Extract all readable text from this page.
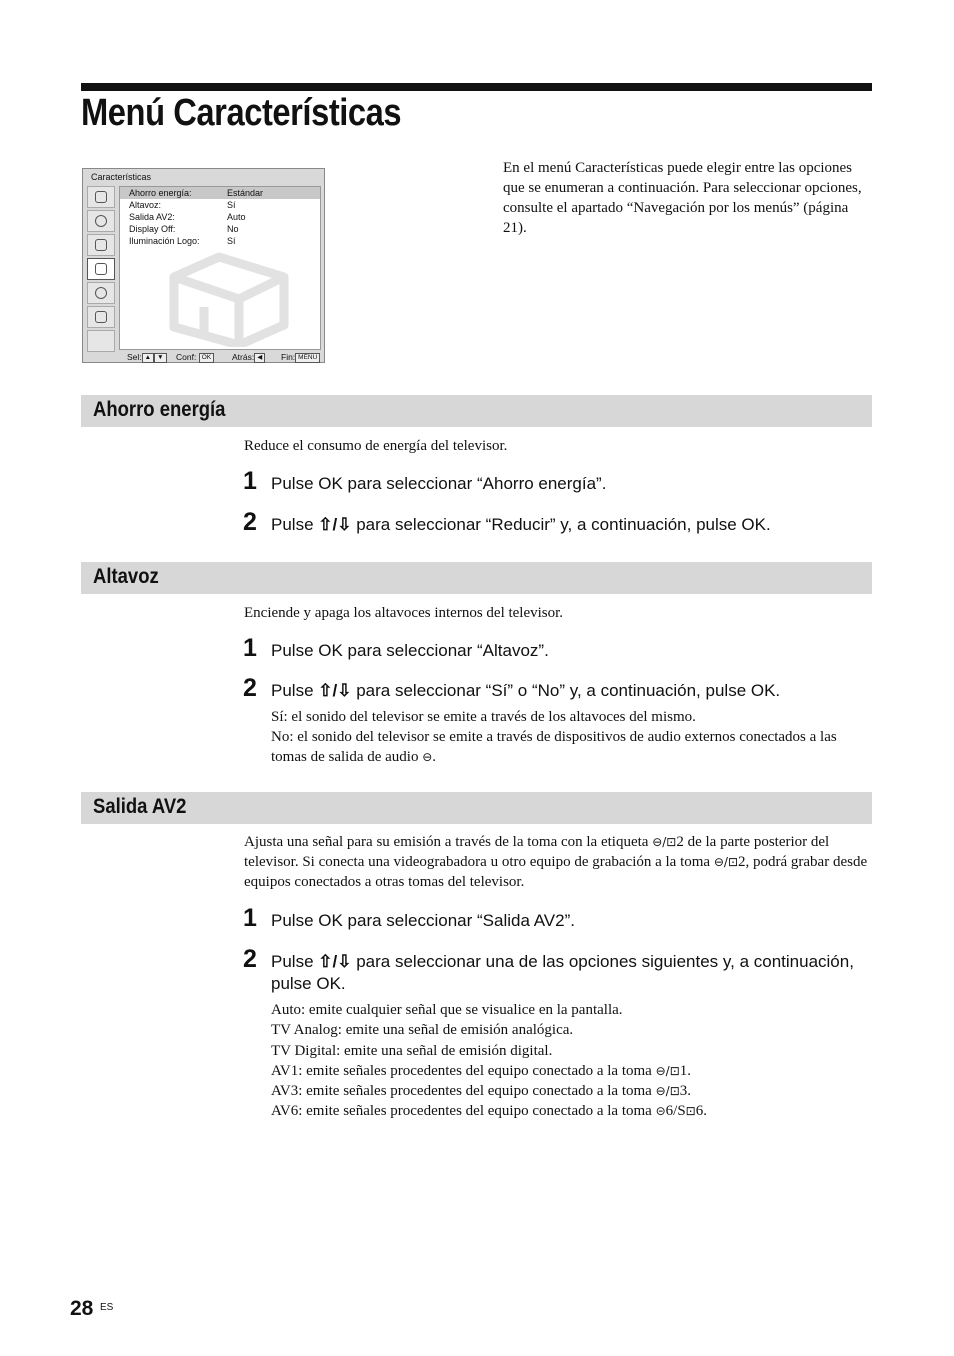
Menú Características
Características
Ahorro energía:	Estándar
Altavoz:	Sí
Salida AV2:	Auto
Display Off:	No
Iluminación Logo:	Sí
Sel: ▲ ▼	Conf: OK	Atrás: ◀	Fin: MENU
En el menú Características puede elegir entre las opciones que se enumeran a continuación. Para seleccionar opciones, consulte el apartado “Navegación por los menús” (página 21).
Ahorro energía
Reduce el consumo de energía del televisor.
1 Pulse OK para seleccionar “Ahorro energía”.
2 Pulse ⇧/⇩ para seleccionar “Reducir” y, a continuación, pulse OK.
Altavoz
Enciende y apaga los altavoces internos del televisor.
1 Pulse OK para seleccionar “Altavoz”.
2 Pulse ⇧/⇩ para seleccionar “Sí” o “No” y, a continuación, pulse OK.
Sí: el sonido del televisor se emite a través de los altavoces del mismo.
No: el sonido del televisor se emite a través de dispositivos de audio externos conectados a las tomas de salida de audio ⊖.
Salida AV2
Ajusta una señal para su emisión a través de la toma con la etiqueta ⊖/⊡2 de la parte posterior del televisor. Si conecta una videograbadora u otro equipo de grabación a la toma ⊖/⊡2, podrá grabar desde equipos conectados a otras tomas del televisor.
1 Pulse OK para seleccionar “Salida AV2”.
2 Pulse ⇧/⇩ para seleccionar una de las opciones siguientes y, a continuación, pulse OK.
Auto: emite cualquier señal que se visualice en la pantalla.
TV Analog: emite una señal de emisión analógica.
TV Digital: emite una señal de emisión digital.
AV1: emite señales procedentes del equipo conectado a la toma ⊖/⊡1.
AV3: emite señales procedentes del equipo conectado a la toma ⊖/⊡3.
AV6: emite señales procedentes del equipo conectado a la toma ⊝6/S⊡6.
28 ES
